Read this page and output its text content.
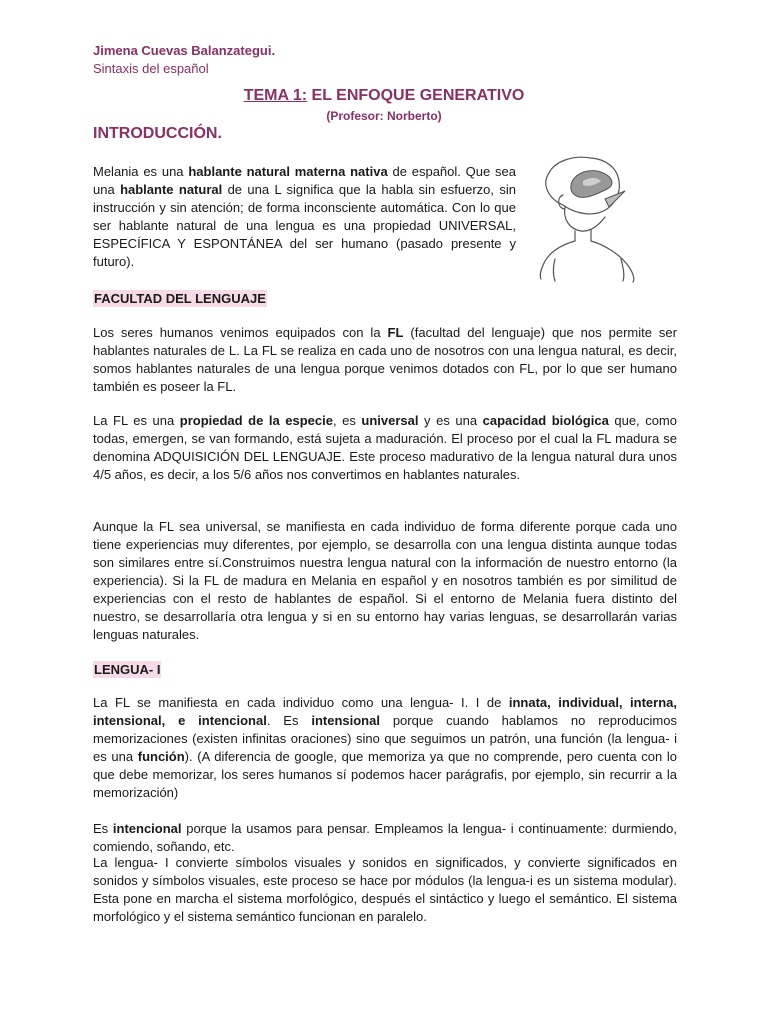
Jimena Cuevas Balanzategui.
Sintaxis del español
TEMA 1: EL ENFOQUE GENERATIVO
(Profesor: Norberto)
INTRODUCCIÓN.

Melania es una hablante natural materna nativa de español. Que sea una hablante natural de una L significa que la habla sin esfuerzo, sin instrucción y sin atención; de forma inconsciente automática. Con lo que ser hablante natural de una lengua es una propiedad UNIVERSAL, ESPECÍFICA Y ESPONTÁNEA del ser humano (pasado presente y futuro).

FACULTAD DEL LENGUAJE

Los seres humanos venimos equipados con la FL (facultad del lenguaje) que nos permite ser hablantes naturales de L. La FL se realiza en cada uno de nosotros con una lengua natural, es decir, somos hablantes naturales de una lengua porque venimos dotados con FL, por lo que ser humano también es poseer la FL.

La FL es una propiedad de la especie, es universal y es una capacidad biológica que, como todas, emergen, se van formando, está sujeta a maduración. El proceso por el cual la FL madura se denomina ADQUISICIÓN DEL LENGUAJE. Este proceso madurativo de la lengua natural dura unos 4/5 años, es decir, a los 5/6 años nos convertimos en hablantes naturales.

Aunque la FL sea universal, se manifiesta en cada individuo de forma diferente porque cada uno tiene experiencias muy diferentes, por ejemplo, se desarrolla con una lengua distinta aunque todas son similares entre sí.Construimos nuestra lengua natural con la información de nuestro entorno (la experiencia). Si la FL de madura en Melania en español y en nosotros también es por similitud de experiencias con el resto de hablantes de español. Si el entorno de Melania fuera distinto del nuestro, se desarrollaría otra lengua y si en su entorno hay varias lenguas, se desarrollarán varias lenguas naturales.

LENGUA- I

La FL se manifiesta en cada individuo como una lengua- I. I de innata, individual, interna, intensional, e intencional. Es intensional porque cuando hablamos no reproducimos memorizaciones (existen infinitas oraciones) sino que seguimos un patrón, una función (la lengua- i es una función). (A diferencia de google, que memoriza ya que no comprende, pero cuenta con lo que debe memorizar, los seres humanos sí podemos hacer parágrafis, por ejemplo, sin recurrir a la memorización)

Es intencional porque la usamos para pensar. Empleamos la lengua- i continuamente: durmiendo, comiendo, soñando, etc.

La lengua- I convierte símbolos visuales y sonidos en significados, y convierte significados en sonidos y símbolos visuales, este proceso se hace por módulos (la lengua-i es un sistema modular). Esta pone en marcha el sistema morfológico, después el sintáctico y luego el semántico. El sistema morfológico y el sistema semántico funcionan en paralelo.
